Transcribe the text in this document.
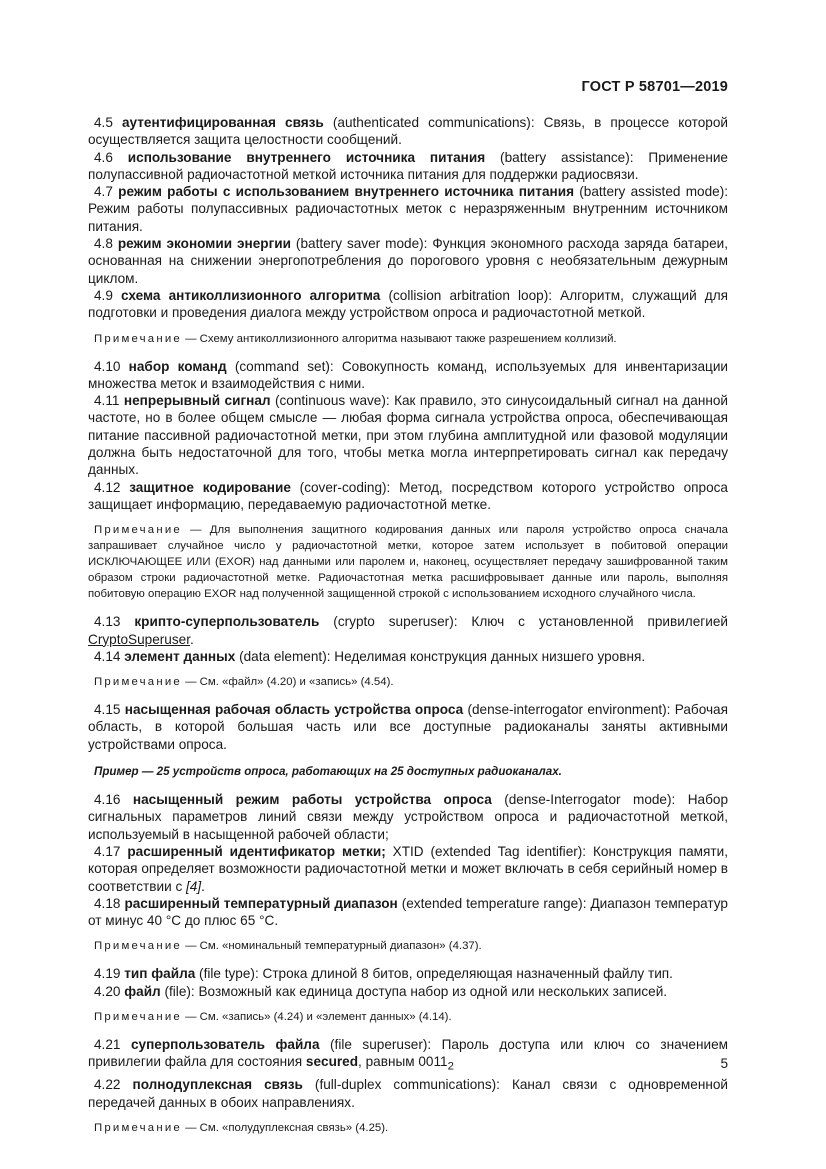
ГОСТ Р 58701—2019

4.5 аутентифицированная связь (authenticated communications): Связь, в процессе которой осуществляется защита целостности сообщений.

4.6 использование внутреннего источника питания (battery assistance): Применение полупассивной радиочастотной меткой источника питания для поддержки радиосвязи.

4.7 режим работы с использованием внутреннего источника питания (battery assisted mode): Режим работы полупассивных радиочастотных меток с неразряженным внутренним источником питания.

4.8 режим экономии энергии (battery saver mode): Функция экономного расхода заряда батареи, основанная на снижении энергопотребления до порогового уровня с необязательным дежурным циклом.

4.9 схема антиколлизионного алгоритма (collision arbitration loop): Алгоритм, служащий для подготовки и проведения диалога между устройством опроса и радиочастотной меткой.

Примечание — Схему антиколлизионного алгоритма называют также разрешением коллизий.

4.10 набор команд (command set): Совокупность команд, используемых для инвентаризации множества меток и взаимодействия с ними.

4.11 непрерывный сигнал (continuous wave): Как правило, это синусоидальный сигнал на данной частоте, но в более общем смысле — любая форма сигнала устройства опроса, обеспечивающая питание пассивной радиочастотной метки, при этом глубина амплитудной или фазовой модуляции должна быть недостаточной для того, чтобы метка могла интерпретировать сигнал как передачу данных.

4.12 защитное кодирование (cover-coding): Метод, посредством которого устройство опроса защищает информацию, передаваемую радиочастотной метке.

Примечание — Для выполнения защитного кодирования данных или пароля устройство опроса сначала запрашивает случайное число у радиочастотной метки, которое затем использует в побитовой операции ИСКЛЮЧАЮЩЕЕ ИЛИ (EXOR) над данными или паролем и, наконец, осуществляет передачу зашифрованной таким образом строки радиочастотной метке. Радиочастотная метка расшифровывает данные или пароль, выполняя побитовую операцию EXOR над полученной защищенной строкой с использованием исходного случайного числа.

4.13 крипто-суперпользователь (crypto superuser): Ключ с установленной привилегией CryptoSuperuser.

4.14 элемент данных (data element): Неделимая конструкция данных низшего уровня.

Примечание — См. «файл» (4.20) и «запись» (4.54).

4.15 насыщенная рабочая область устройства опроса (dense-interrogator environment): Рабочая область, в которой большая часть или все доступные радиоканалы заняты активными устройствами опроса.

Пример — 25 устройств опроса, работающих на 25 доступных радиоканалах.

4.16 насыщенный режим работы устройства опроса (dense-Interrogator mode): Набор сигнальных параметров линий связи между устройством опроса и радиочастотной меткой, используемый в насыщенной рабочей области;

4.17 расширенный идентификатор метки; XTID (extended Tag identifier): Конструкция памяти, которая определяет возможности радиочастотной метки и может включать в себя серийный номер в соответствии с [4].

4.18 расширенный температурный диапазон (extended temperature range): Диапазон температур от минус 40 °С до плюс 65 °С.

Примечание — См. «номинальный температурный диапазон» (4.37).

4.19 тип файла (file type): Строка длиной 8 битов, определяющая назначенный файлу тип.

4.20 файл (file): Возможный как единица доступа набор из одной или нескольких записей.

Примечание — См. «запись» (4.24) и «элемент данных» (4.14).

4.21 суперпользователь файла (file superuser): Пароль доступа или ключ со значением привилегии файла для состояния secured, равным $0011_2$

4.22 полнодуплексная связь (full-duplex communications): Канал связи с одновременной передачей данных в обоих направлениях.

Примечание — См. «полудуплексная связь» (4.25).

5
